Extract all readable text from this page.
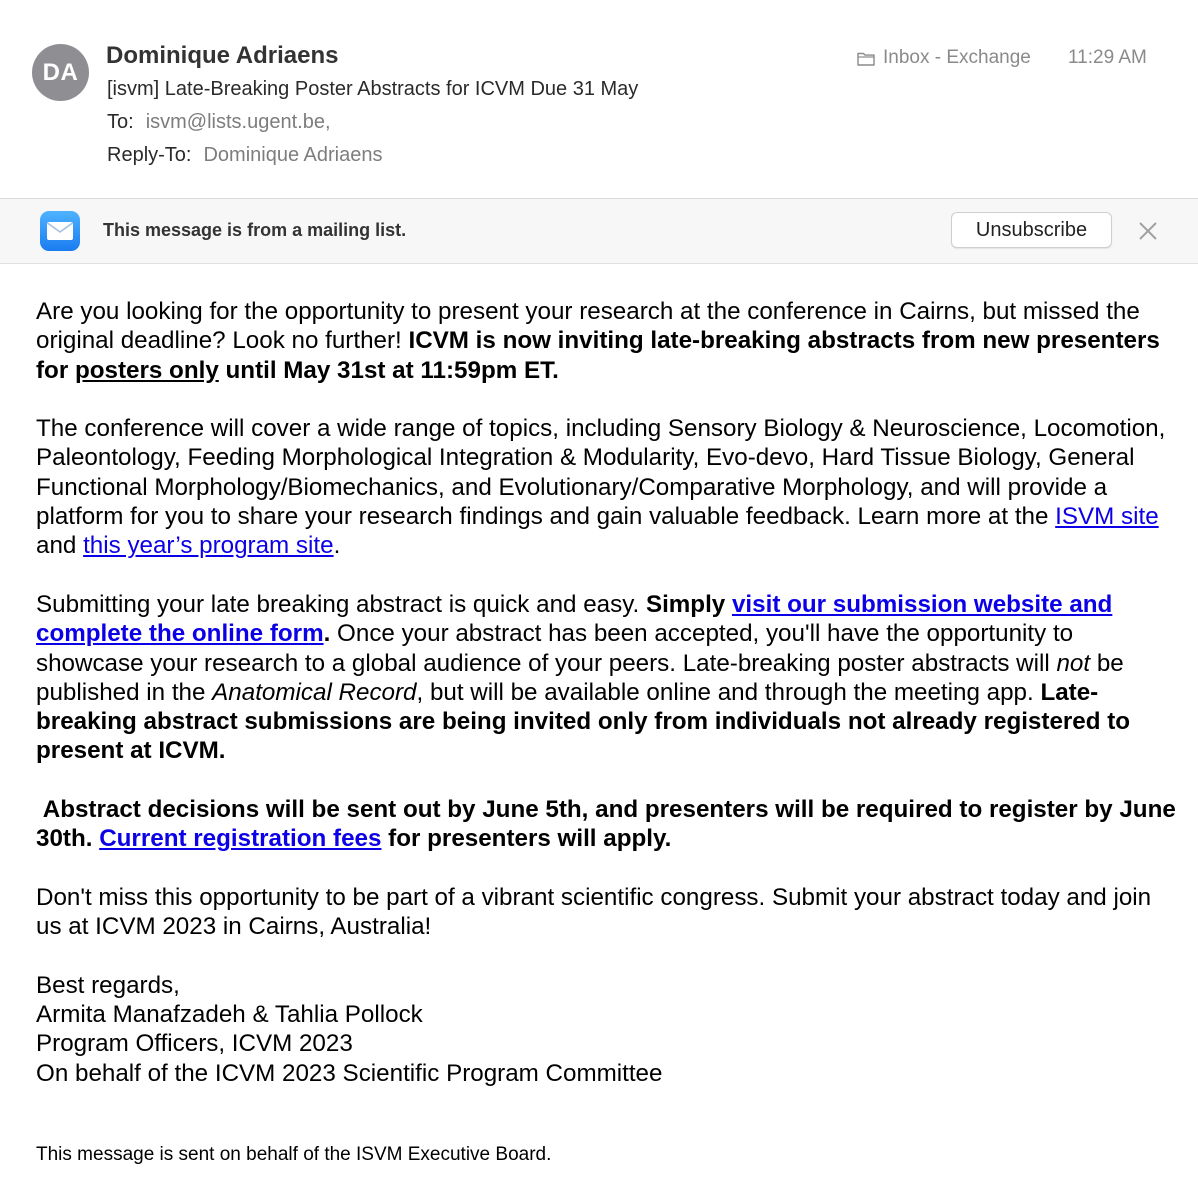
DA
Dominique Adriaens
[isvm] Late-Breaking Poster Abstracts for ICVM Due 31 May
To: isvm@lists.ugent.be,
Reply-To: Dominique Adriaens
Inbox - Exchange 11:29 AM
This message is from a mailing list.	Unsubscribe

Are you looking for the opportunity to present your research at the conference in Cairns, but missed the original deadline? Look no further! ICVM is now inviting late-breaking abstracts from new presenters for posters only until May 31st at 11:59pm ET.

The conference will cover a wide range of topics, including Sensory Biology & Neuroscience, Locomotion, Paleontology, Feeding Morphological Integration & Modularity, Evo-devo, Hard Tissue Biology, General Functional Morphology/Biomechanics, and Evolutionary/Comparative Morphology, and will provide a platform for you to share your research findings and gain valuable feedback. Learn more at the ISVM site and this year’s program site.

Submitting your late breaking abstract is quick and easy. Simply visit our submission website and complete the online form. Once your abstract has been accepted, you'll have the opportunity to showcase your research to a global audience of your peers. Late-breaking poster abstracts will not be published in the Anatomical Record, but will be available online and through the meeting app. Late-breaking abstract submissions are being invited only from individuals not already registered to present at ICVM.

Abstract decisions will be sent out by June 5th, and presenters will be required to register by June 30th. Current registration fees for presenters will apply.

Don't miss this opportunity to be part of a vibrant scientific congress. Submit your abstract today and join us at ICVM 2023 in Cairns, Australia!

Best regards,
Armita Manafzadeh & Tahlia Pollock
Program Officers, ICVM 2023
On behalf of the ICVM 2023 Scientific Program Committee
This message is sent on behalf of the ISVM Executive Board.
